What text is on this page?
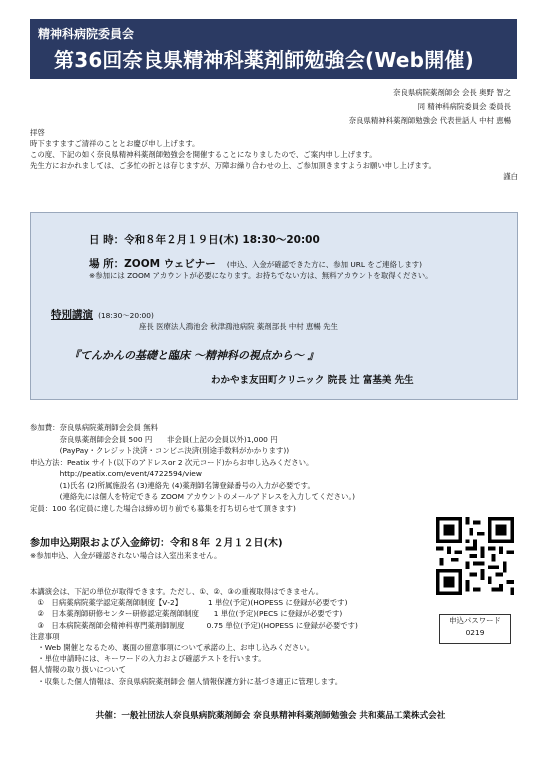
精神科病院委員会
第36回奈良県精神科薬剤師勉強会(Web開催)
奈良県病院薬剤師会 会長 奥野 智之
同 精神科病院委員会 委員長
奈良県精神科薬剤師勉強会 代表世話人 中村 恵暢
拝啓
時下ますますご清祥のこととお慶び申し上げます。
この度、下記の如く奈良県精神科薬剤師勉強会を開催することになりましたので、ご案内申し上げます。
先生方におかれましては、ご多忙の折とは存じますが、万障お繰り合わせの上、ご参加頂きますようお願い申し上げます。
謹白
日 時：令和８年２月１９日(木) 18:30～20:00
場 所：ZOOM ウェビナー (申込、入金が確認できた方に、参加 URL をご連絡します)
※参加には ZOOM アカウントが必要になります。お持ちでない方は、無料アカウントを取得ください。
特別講演 (18:30～20:00)
座長 医療法人鴻池会 秋津鴻池病院 薬剤部長 中村 恵暢 先生
『てんかんの基礎と臨床 ～精神科の視点から～ 』
わかやま友田町クリニック 院長 辻 富基美 先生
参加費：奈良県病院薬剤師会会員 無料
　　　　奈良県薬剤師会会員 500 円　　非会員(上記の会員以外)1,000 円
　　　　(PayPay・クレジット決済・コンビニ決済(別途手数料がかかります))
申込方法：Peatix サイト(以下のアドレスor 2 次元コード)からお申し込みください。
　　　　http://peatix.com/event/4722594/view
　　　　(1)氏名 (2)所属施設名 (3)連絡先 (4)薬剤師名簿登録番号の入力が必要です。
　　　　(連絡先には個人を特定できる ZOOM アカウントのメールアドレスを入力してください。)
定員：100 名(定員に達した場合は締め切り前でも募集を打ち切らせて頂きます)
参加申込期限および入金締切：令和８年 ２月１２日(木)
※参加申込、入金が確認されない場合は入室出来ません。
申込パスワード
0219
本講演会は、下記の単位が取得できます。ただし、①、②、③の重複取得はできません。
　①　日病薬病院薬学認定薬剤師制度【Ⅴ-2】　　　　1 単位(予定)(HOPESS に登録が必要です)
　②　日本薬剤師研修センター研修認定薬剤師制度　　1 単位(予定)(PECS に登録が必要です)
　③　日本病院薬剤師会精神科専門薬剤師制度　　　0.75 単位(予定)(HOPESS に登録が必要です)
注意事項
　・Web 開催となるため、裏面の留意事項について承諾の上、お申し込みください。
　・単位申請時には、キーワードの入力および確認テストを行います。
個人情報の取り扱いについて
　・収集した個人情報は、奈良県病院薬剤師会 個人情報保護方針に基づき適正に管理します。
共催：一般社団法人奈良県病院薬剤師会 奈良県精神科薬剤師勉強会 共和薬品工業株式会社
